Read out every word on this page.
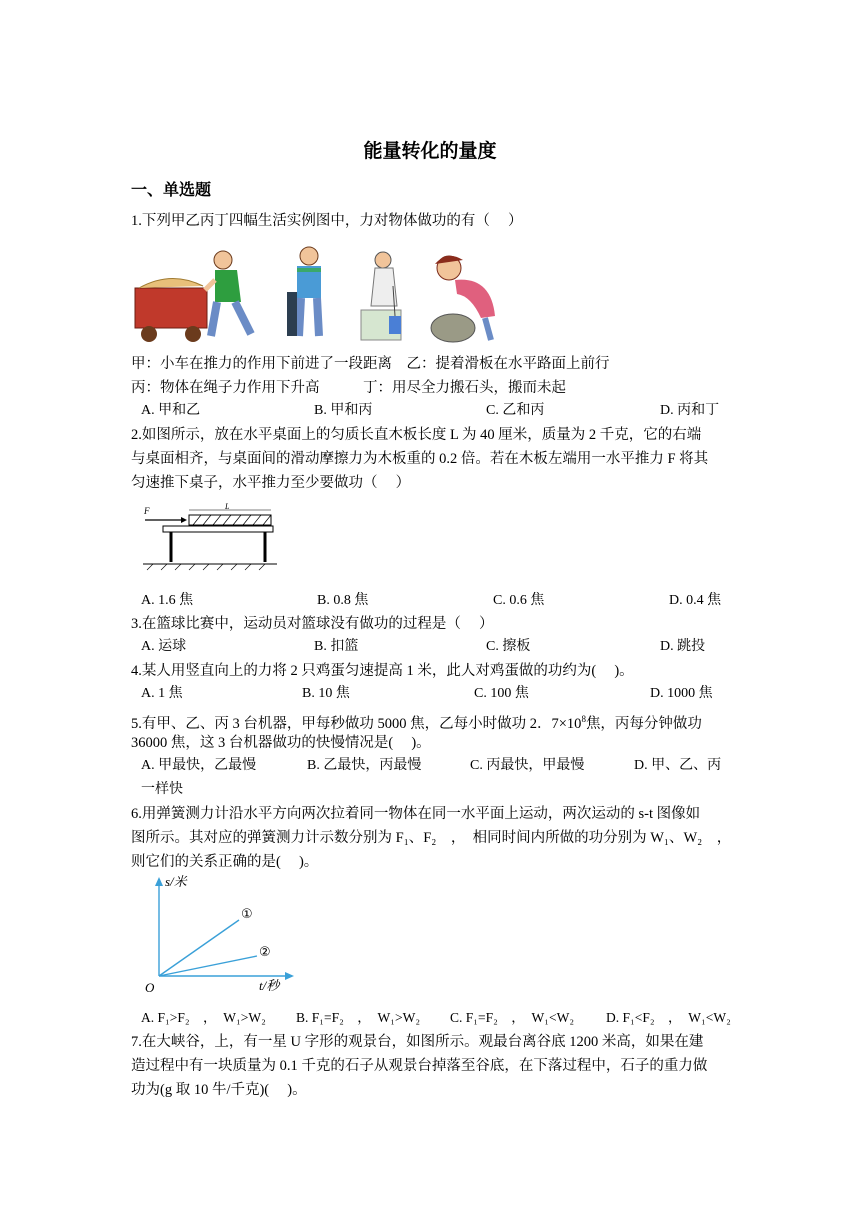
能量转化的量度
一、单选题
1.下列甲乙丙丁四幅生活实例图中，力对物体做功的有（　 ）
甲：小车在推力的作用下前进了一段距离　乙：提着滑板在水平路面上前行
丙：物体在绳子力作用下升高　　　丁：用尽全力搬石头，搬而未起
A. 甲和乙	B. 甲和丙	C. 乙和丙	D. 丙和丁
2.如图所示，放在水平桌面上的匀质长直木板长度 L 为 40 厘米，质量为 2 千克，它的右端
与桌面相齐，与桌面间的滑动摩擦力为木板重的 0.2 倍。若在木板左端用一水平推力 F 将其
匀速推下桌子，水平推力至少要做功（　 ）
F	L
A. 1.6 焦	B. 0.8 焦	C. 0.6 焦	D. 0.4 焦
3.在篮球比赛中，运动员对篮球没有做功的过程是（　 ）
A. 运球	B. 扣篮	C. 擦板	D. 跳投
4.某人用竖直向上的力将 2 只鸡蛋匀速提高 1 米，此人对鸡蛋做的功约为(　 )。
A. 1 焦	B. 10 焦	C. 100 焦	D. 1000 焦
5.有甲、乙、丙 3 台机器，甲每秒做功 5000 焦，乙每小时做功 2．$7\times 10^8$焦，丙每分钟做功
36000 焦，这 3 台机器做功的快慢情况是(　 )。
A. 甲最快，乙最慢	B. 乙最快，丙最慢	C. 丙最快，甲最慢	D. 甲、乙、丙
一样快
6.用弹簧测力计沿水平方向两次拉着同一物体在同一水平面上运动，两次运动的 s-t 图像如
图所示。其对应的弹簧测力计示数分别为 F₁、F₂　，　相同时间内所做的功分别为 W₁、W₂　，
则它们的关系正确的是(　 )。
s/米
t/秒
O
①
②
A. F₁>F₂　，　W₁>W₂ B. F₁=F₂　，　W₁>W₂ C. F₁=F₂　，　W₁<W₂ D. F₁<F₂　，　W₁<W₂
7.在大峡谷，上，有一星 U 字形的观景台，如图所示。观最台离谷底 1200 米高，如果在建
造过程中有一块质量为 0.1 千克的石子从观景台掉落至谷底，在下落过程中，石子的重力做
功为(g 取 10 牛/千克)(　 )。
